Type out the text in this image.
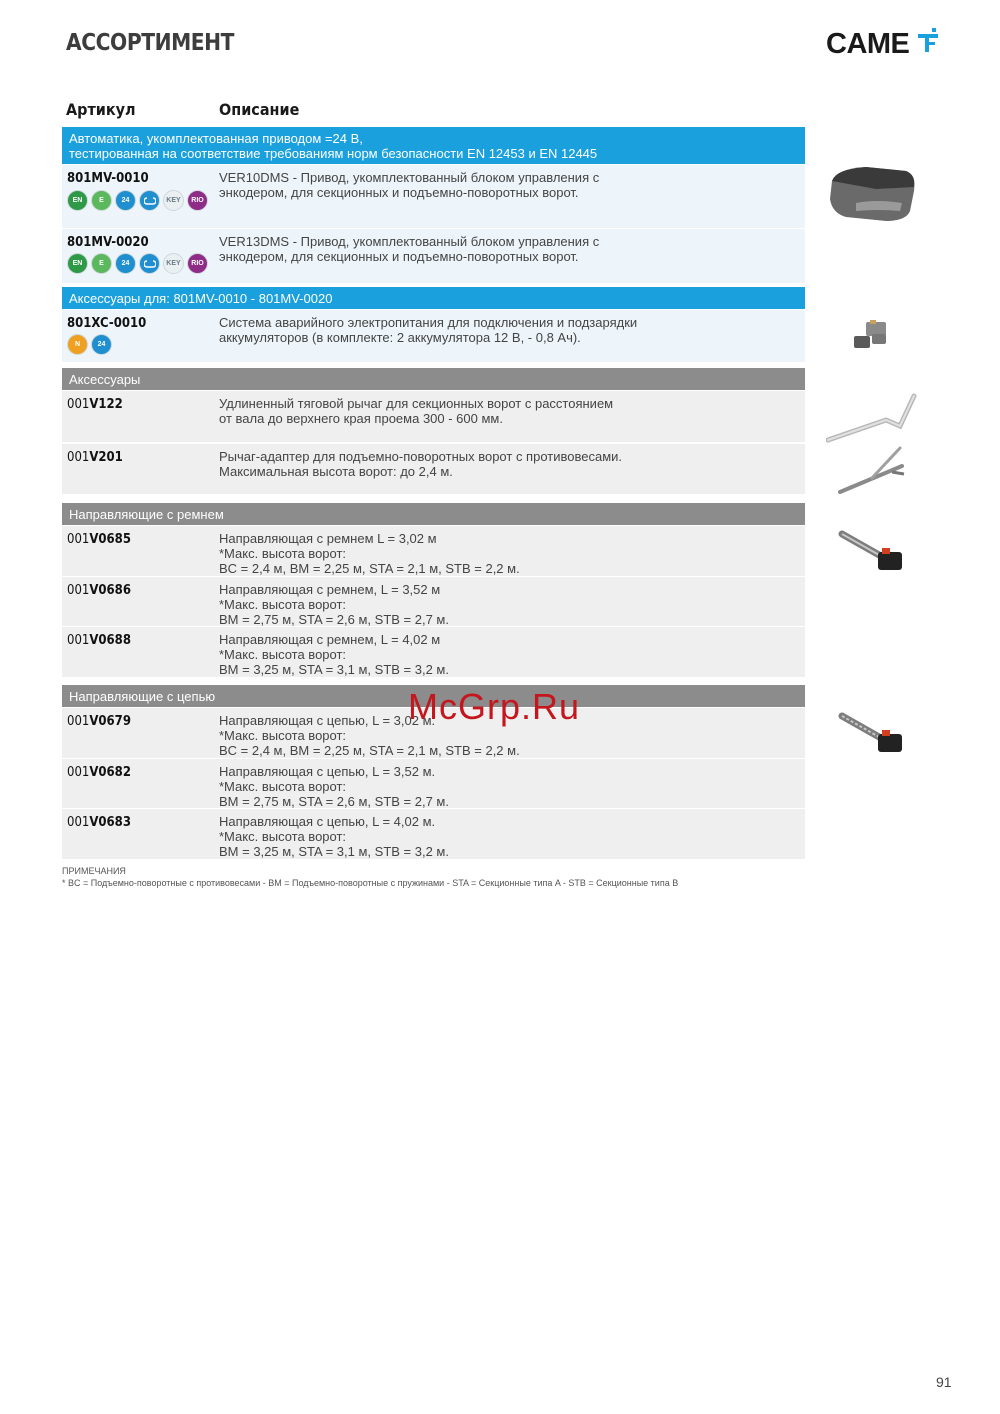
АССОРТИМЕНТ	CAME
Артикул	Описание
Автоматика, укомплектованная приводом =24 В,
тестированная на соответствие требованиям норм безопасности EN 12453 и EN 12445
801MV-0010	VER10DMS - Привод, укомплектованный блоком управления с
энкодером, для секционных и подъемно-поворотных ворот.
EN	E	24	KEY	RIO
801MV-0020	VER13DMS - Привод, укомплектованный блоком управления с
энкодером, для секционных и подъемно-поворотных ворот.
EN	E	24	KEY	RIO
Аксессуары для: 801MV-0010 - 801MV-0020
801XC-0010	Система аварийного электропитания для подключения и подзарядки
аккумуляторов (в комплекте: 2 аккумулятора 12 В, - 0,8 Ач).
N	24
Аксессуары
001V122	Удлиненный тяговой рычаг для секционных ворот с расстоянием
от вала до верхнего края проема 300 - 600 мм.
001V201	Рычаг-адаптер для подъемно-поворотных ворот с противовесами.
Максимальная высота ворот: до 2,4 м.
Направляющие с ремнем
001V0685	Направляющая с ремнем L = 3,02 м
*Макс. высота ворот:
BC = 2,4 м, BM = 2,25 м, STA = 2,1 м, STB = 2,2 м.
001V0686	Направляющая с ремнем, L = 3,52 м
*Макс. высота ворот:
BM = 2,75 м, STA = 2,6 м, STB = 2,7 м.
001V0688	Направляющая с ремнем, L = 4,02 м
*Макс. высота ворот:
BM = 3,25 м, STA = 3,1 м, STB = 3,2 м.
Направляющие с цепью
001V0679	Направляющая с цепью, L = 3,02 м.
*Макс. высота ворот:
BC = 2,4 м, BM = 2,25 м, STA = 2,1 м, STB = 2,2 м.
001V0682	Направляющая с цепью, L = 3,52 м.
*Макс. высота ворот:
BM = 2,75 м, STA = 2,6 м, STB = 2,7 м.
001V0683	Направляющая с цепью, L = 4,02 м.
*Макс. высота ворот:
BM = 3,25 м, STA = 3,1 м, STB = 3,2 м.
ПРИМЕЧАНИЯ
* BC = Подъемно-поворотные с противовесами - BM = Подъемно-поворотные с пружинами - STA = Секционные типа A - STB = Секционные типа B
McGrp.Ru
91
